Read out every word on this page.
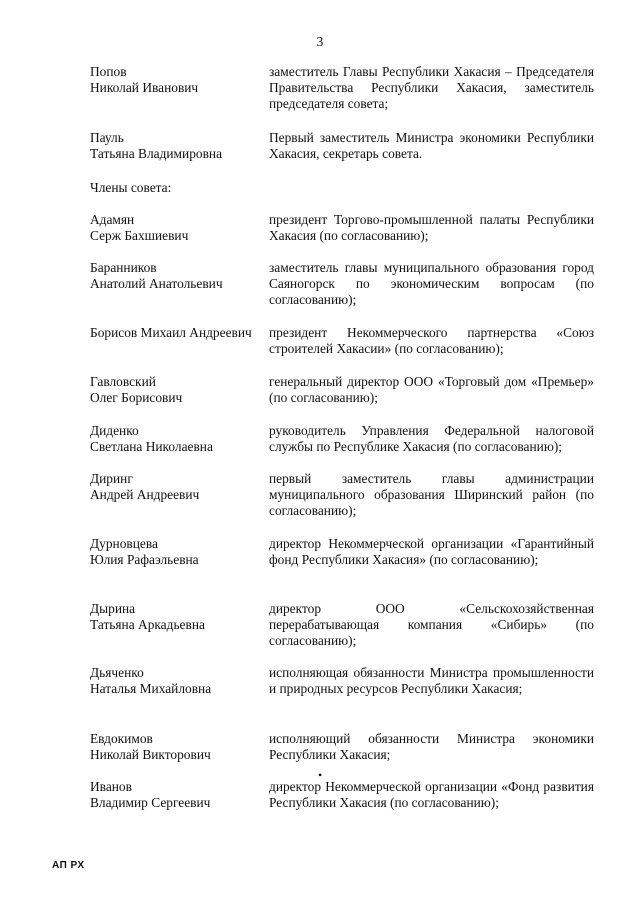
3
Попов
Николай Иванович
заместитель Главы Республики Хакасия – Председателя Правительства Республики Хакасия, заместитель председателя совета;
Пауль
Татьяна Владимировна
Первый заместитель Министра экономики Республики Хакасия, секретарь совета.
Члены совета:
Адамян
Серж Бахшиевич
президент Торгово-промышленной палаты Республики Хакасия (по согласованию);
Баранников
Анатолий Анатольевич
заместитель главы муниципального образования город Саяногорск по экономическим вопросам (по согласованию);
Борисов Михаил Андреевич	президент Некоммерческого партнерства «Союз строителей Хакасии» (по согласованию);
Гавловский
Олег Борисович
генеральный директор ООО «Торговый дом «Премьер» (по согласованию);
Диденко
Светлана Николаевна
руководитель Управления Федеральной налоговой службы по Республике Хакасия (по согласованию);
Диринг
Андрей Андреевич
первый заместитель главы администрации муниципального образования Ширинский район (по согласованию);
Дурновцева
Юлия Рафаэльевна
директор Некоммерческой организации «Гарантийный фонд Республики Хакасия» (по согласованию);
Дырина
Татьяна Аркадьевна
директор ООО «Сельскохозяйственная перерабатывающая компания «Сибирь» (по согласованию);
Дьяченко
Наталья Михайловна
исполняющая обязанности Министра промышленности и природных ресурсов Республики Хакасия;
Евдокимов
Николай Викторович
исполняющий обязанности Министра экономики Республики Хакасия;
•
Иванов
Владимир Сергеевич
директор Некоммерческой организации «Фонд развития Республики Хакасия (по согласованию);
АП РХ
